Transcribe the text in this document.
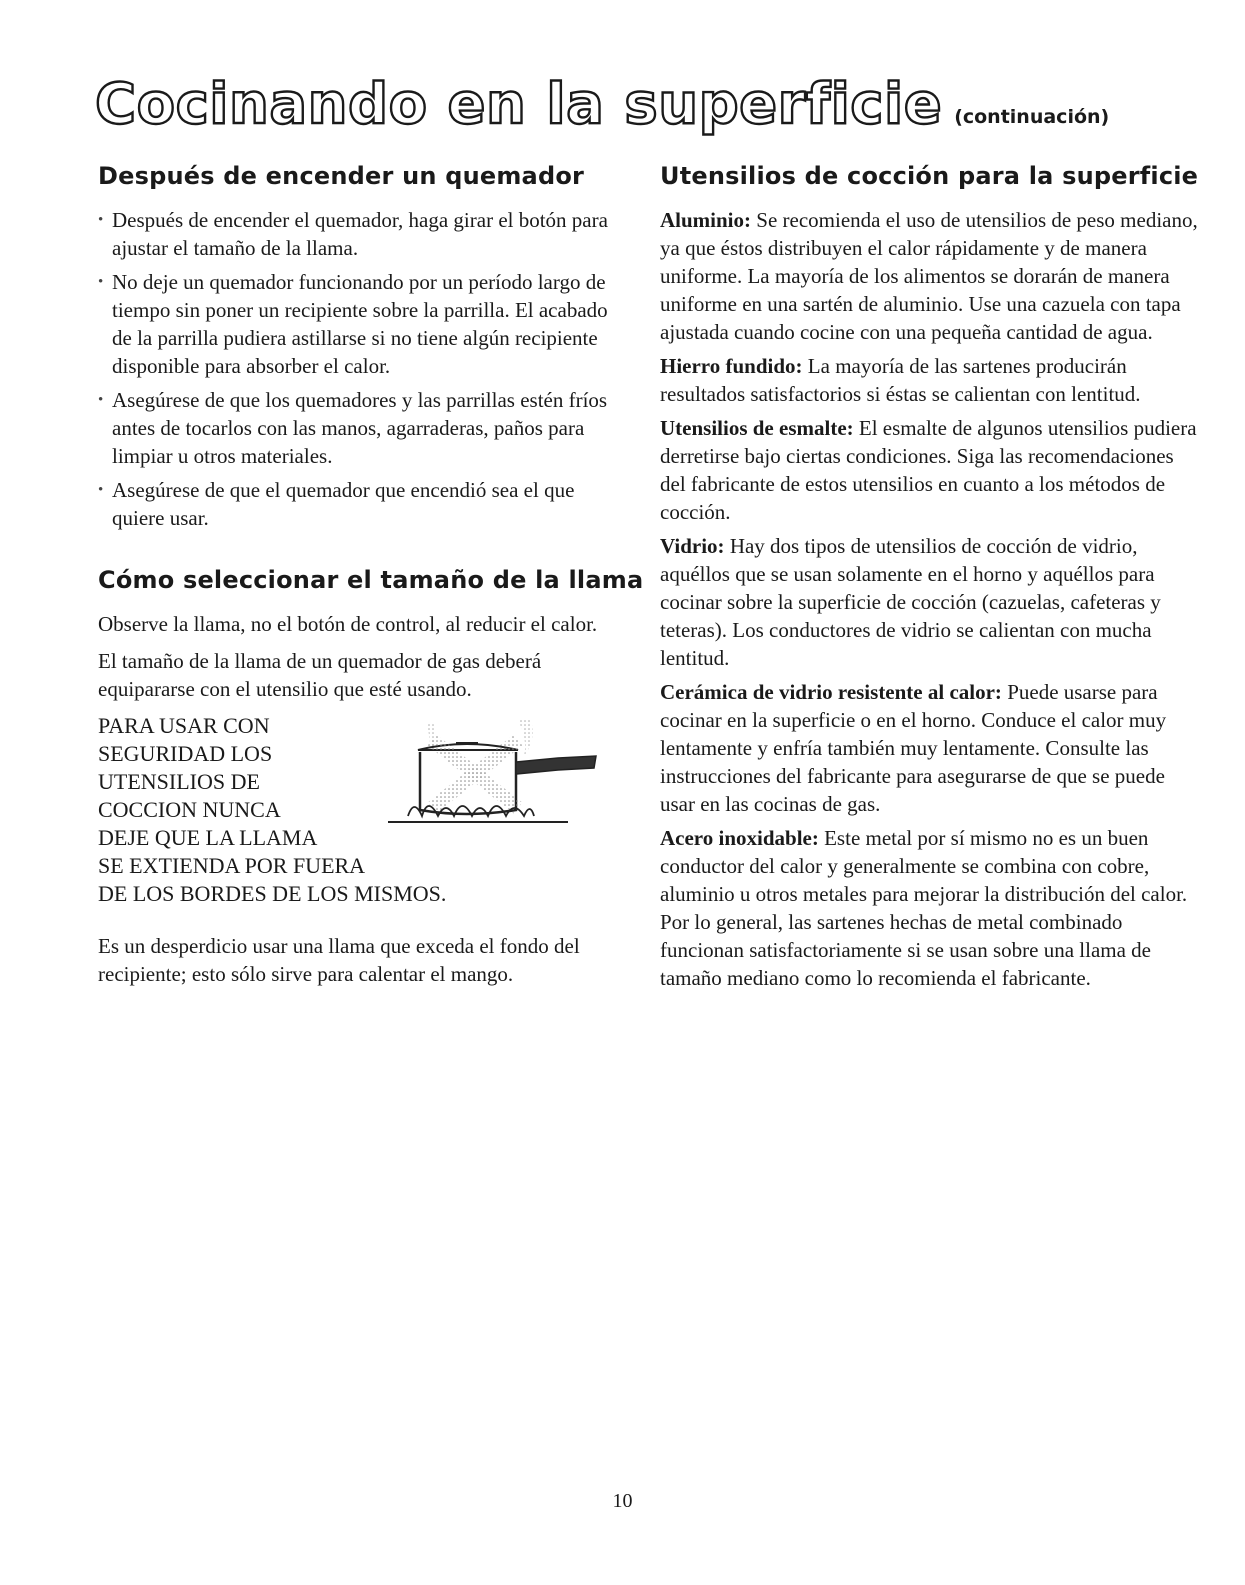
Cocinando en la superficie (continuación)
Después de encender un quemador
• Después de encender el quemador, haga girar el botón para ajustar el tamaño de la llama.
• No deje un quemador funcionando por un período largo de tiempo sin poner un recipiente sobre la parrilla. El acabado de la parrilla pudiera astillarse si no tiene algún recipiente disponible para absorber el calor.
• Asegúrese de que los quemadores y las parrillas estén fríos antes de tocarlos con las manos, agarraderas, paños para limpiar u otros materiales.
• Asegúrese de que el quemador que encendió sea el que quiere usar.
Cómo seleccionar el tamaño de la llama

Observe la llama, no el botón de control, al reducir el calor.

El tamaño de la llama de un quemador de gas deberá equipararse con el utensilio que esté usando.

PARA USAR CON
SEGURIDAD LOS
UTENSILIOS DE
COCCION NUNCA
DEJE QUE LA LLAMA
SE EXTIENDA POR FUERA
DE LOS BORDES DE LOS MISMOS.

Es un desperdicio usar una llama que exceda el fondo del recipiente; esto sólo sirve para calentar el mango.

Utensilios de cocción para la superficie

Aluminio: Se recomienda el uso de utensilios de peso mediano, ya que éstos distribuyen el calor rápidamente y de manera uniforme. La mayoría de los alimentos se dorarán de manera uniforme en una sartén de aluminio. Use una cazuela con tapa ajustada cuando cocine con una pequeña cantidad de agua.

Hierro fundido: La mayoría de las sartenes producirán resultados satisfactorios si éstas se calientan con lentitud.

Utensilios de esmalte: El esmalte de algunos utensilios pudiera derretirse bajo ciertas condiciones. Siga las recomendaciones del fabricante de estos utensilios en cuanto a los métodos de cocción.

Vidrio: Hay dos tipos de utensilios de cocción de vidrio, aquéllos que se usan solamente en el horno y aquéllos para cocinar sobre la superficie de cocción (cazuelas, cafeteras y teteras). Los conductores de vidrio se calientan con mucha lentitud.

Cerámica de vidrio resistente al calor: Puede usarse para cocinar en la superficie o en el horno. Conduce el calor muy lentamente y enfría también muy lentamente. Consulte las instrucciones del fabricante para asegurarse de que se puede usar en las cocinas de gas.

Acero inoxidable: Este metal por sí mismo no es un buen conductor del calor y generalmente se combina con cobre, aluminio u otros metales para mejorar la distribución del calor. Por lo general, las sartenes hechas de metal combinado funcionan satisfactoriamente si se usan sobre una llama de tamaño mediano como lo recomienda el fabricante.

10
